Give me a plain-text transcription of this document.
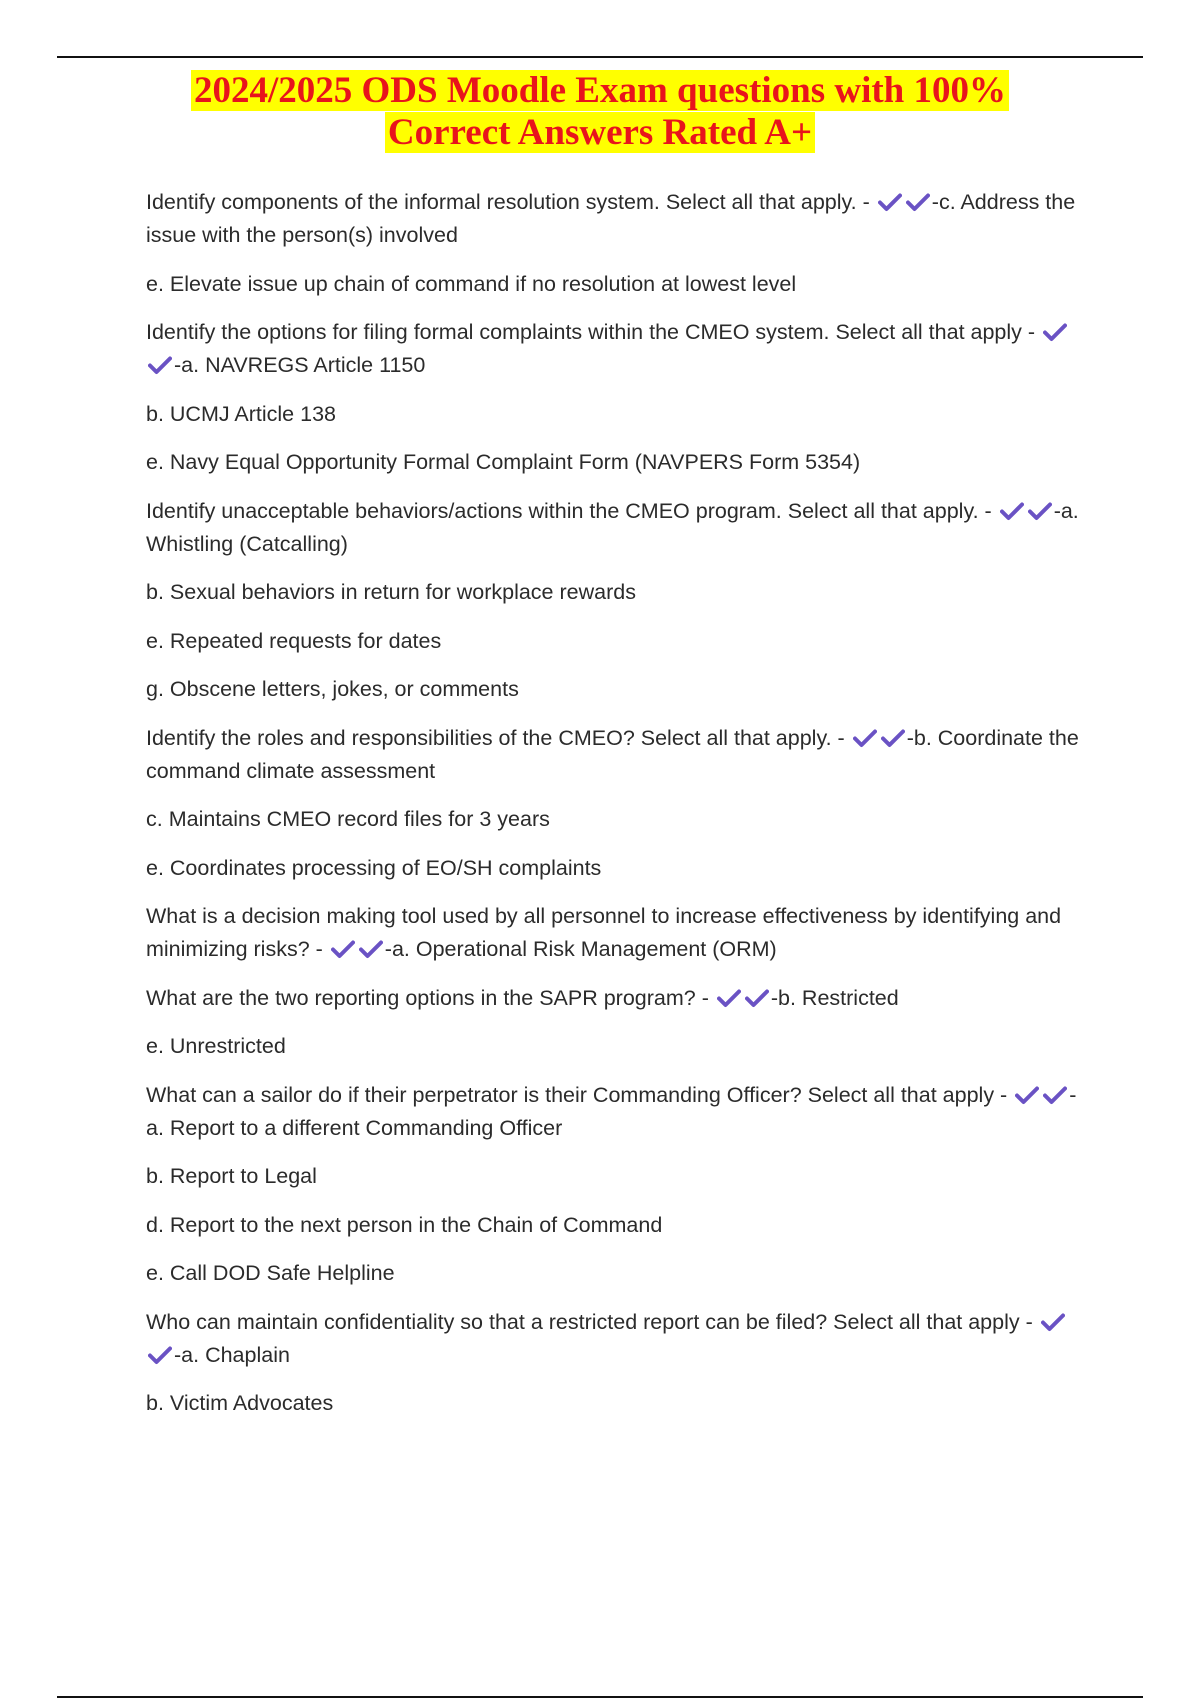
2024/2025 ODS Moodle Exam questions with 100%
Correct Answers Rated A+
Identify components of the informal resolution system. Select all that apply. -	-c. Address the issue with the person(s) involved
e. Elevate issue up chain of command if no resolution at lowest level
Identify the options for filing formal complaints within the CMEO system. Select all that apply -
-a. NAVREGS Article 1150
b. UCMJ Article 138
e. Navy Equal Opportunity Formal Complaint Form (NAVPERS Form 5354)
Identify unacceptable behaviors/actions within the CMEO program. Select all that apply. -	-a. Whistling (Catcalling)
b. Sexual behaviors in return for workplace rewards
e. Repeated requests for dates
g. Obscene letters, jokes, or comments
Identify the roles and responsibilities of the CMEO? Select all that apply. -	-b. Coordinate the command climate assessment
c. Maintains CMEO record files for 3 years
e. Coordinates processing of EO/SH complaints
What is a decision making tool used by all personnel to increase effectiveness by identifying and minimizing risks? -	-a. Operational Risk Management (ORM)
What are the two reporting options in the SAPR program? -	-b. Restricted
e. Unrestricted
What can a sailor do if their perpetrator is their Commanding Officer? Select all that apply -	-a. Report to a different Commanding Officer
b. Report to Legal
d. Report to the next person in the Chain of Command
e. Call DOD Safe Helpline
Who can maintain confidentiality so that a restricted report can be filed? Select all that apply -
-a. Chaplain
b. Victim Advocates
